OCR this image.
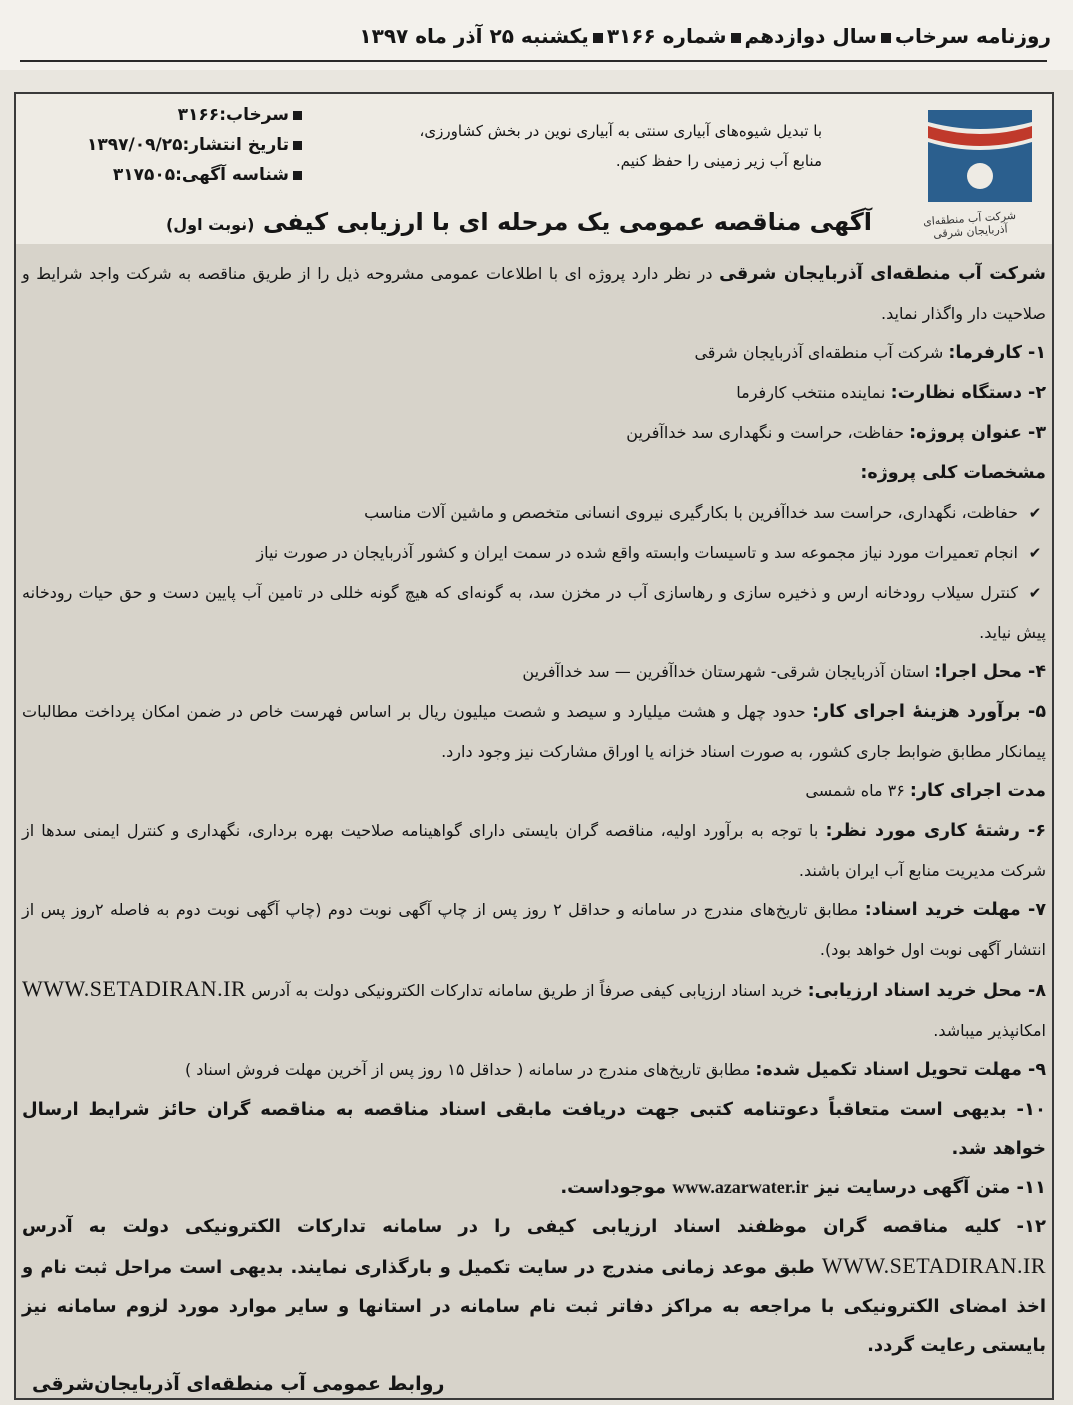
روزنامه سرخابسال دوازدهمشماره ۳۱۶۶یکشنبه ۲۵ آذر ماه ۱۳۹۷
شرکت آب منطقه‌ای آذربایجان شرقی
با تبدیل شیوه‌های آبیاری سنتی به آبیاری نوین در بخش کشاورزی،
منابع آب زیر زمینی را حفظ کنیم.
سرخاب:۳۱۶۶
تاریخ انتشار:۱۳۹۷/۰۹/۲۵
شناسه آگهی:۳۱۷۵۰۵
آگهی مناقصه عمومی یک مرحله ای با ارزیابی کیفی (نوبت اول)

شرکت آب منطقه‌ای آذربایجان شرقی در نظر دارد پروژه ای با اطلاعات عمومی مشروحه ذیل را از طریق مناقصه به شرکت واجد شرایط و صلاحیت دار واگذار نماید.

۱- کارفرما: شرکت آب منطقه‌ای آذربایجان شرقی

۲- دستگاه نظارت: نماینده منتخب کارفرما

۳- عنوان پروژه: حفاظت، حراست و نگهداری سد خداآفرین

مشخصات کلی پروژه:

✔حفاظت، نگهداری، حراست سد خداآفرین با بکارگیری نیروی انسانی متخصص و ماشین آلات مناسب

✔انجام تعمیرات مورد نیاز مجموعه سد و تاسیسات وابسته واقع شده در سمت ایران و کشور آذربایجان در صورت نیاز

✔کنترل سیلاب رودخانه ارس و ذخیره سازی و رهاسازی آب در مخزن سد، به گونه‌ای که هیچ گونه خللی در تامین آب پایین دست و حق حیات رودخانه پیش نیاید.

۴- محل اجرا: استان آذربایجان شرقی- شهرستان خداآفرین — سد خداآفرین

۵- برآورد هزینهٔ اجرای کار: حدود چهل و هشت میلیارد و سیصد و شصت میلیون ریال بر اساس فهرست خاص در ضمن امکان پرداخت مطالبات پیمانکار مطابق ضوابط جاری کشور، به صورت اسناد خزانه یا اوراق مشارکت نیز وجود دارد.

مدت اجرای کار: ۳۶ ماه شمسی

۶- رشتهٔ کاری مورد نظر: با توجه به برآورد اولیه، مناقصه گران بایستی دارای گواهینامه صلاحیت بهره برداری، نگهداری و کنترل ایمنی سدها از شرکت مدیریت منابع آب ایران باشند.

۷- مهلت خرید اسناد: مطابق تاریخ‌های مندرج در سامانه و حداقل ۲ روز پس از چاپ آگهی نوبت دوم (چاپ آگهی نوبت دوم به فاصله ۲روز پس از انتشار آگهی نوبت اول خواهد بود).

۸- محل خرید اسناد ارزیابی: خرید اسناد ارزیابی کیفی صرفاً از طریق سامانه تدارکات الکترونیکی دولت به آدرس WWW.SETADIRAN.IR امکانپذیر میباشد.

۹- مهلت تحویل اسناد تکمیل شده: مطابق تاریخ‌های مندرج در سامانه ( حداقل ۱۵ روز پس از آخرین مهلت فروش اسناد )

۱۰- بدیهی است متعاقباً دعوتنامه کتبی جهت دریافت مابقی اسناد مناقصه به مناقصه گران حائز شرایط ارسال خواهد شد.

۱۱- متن آگهی درسایت نیز www.azarwater.ir موجوداست.

۱۲- کلیه مناقصه گران موظفند اسناد ارزیابی کیفی را در سامانه تدارکات الکترونیکی دولت به آدرس WWW.SETADIRAN.IR طبق موعد زمانی مندرج در سایت تکمیل و بارگذاری نمایند. بدیهی است مراحل ثبت نام و اخذ امضای الکترونیکی با مراجعه به مراکز دفاتر ثبت نام سامانه در استانها و سایر موارد مورد لزوم سامانه نیز بایستی رعایت گردد.

روابط عمومی آب منطقه‌ای آذربایجان‌شرقی
